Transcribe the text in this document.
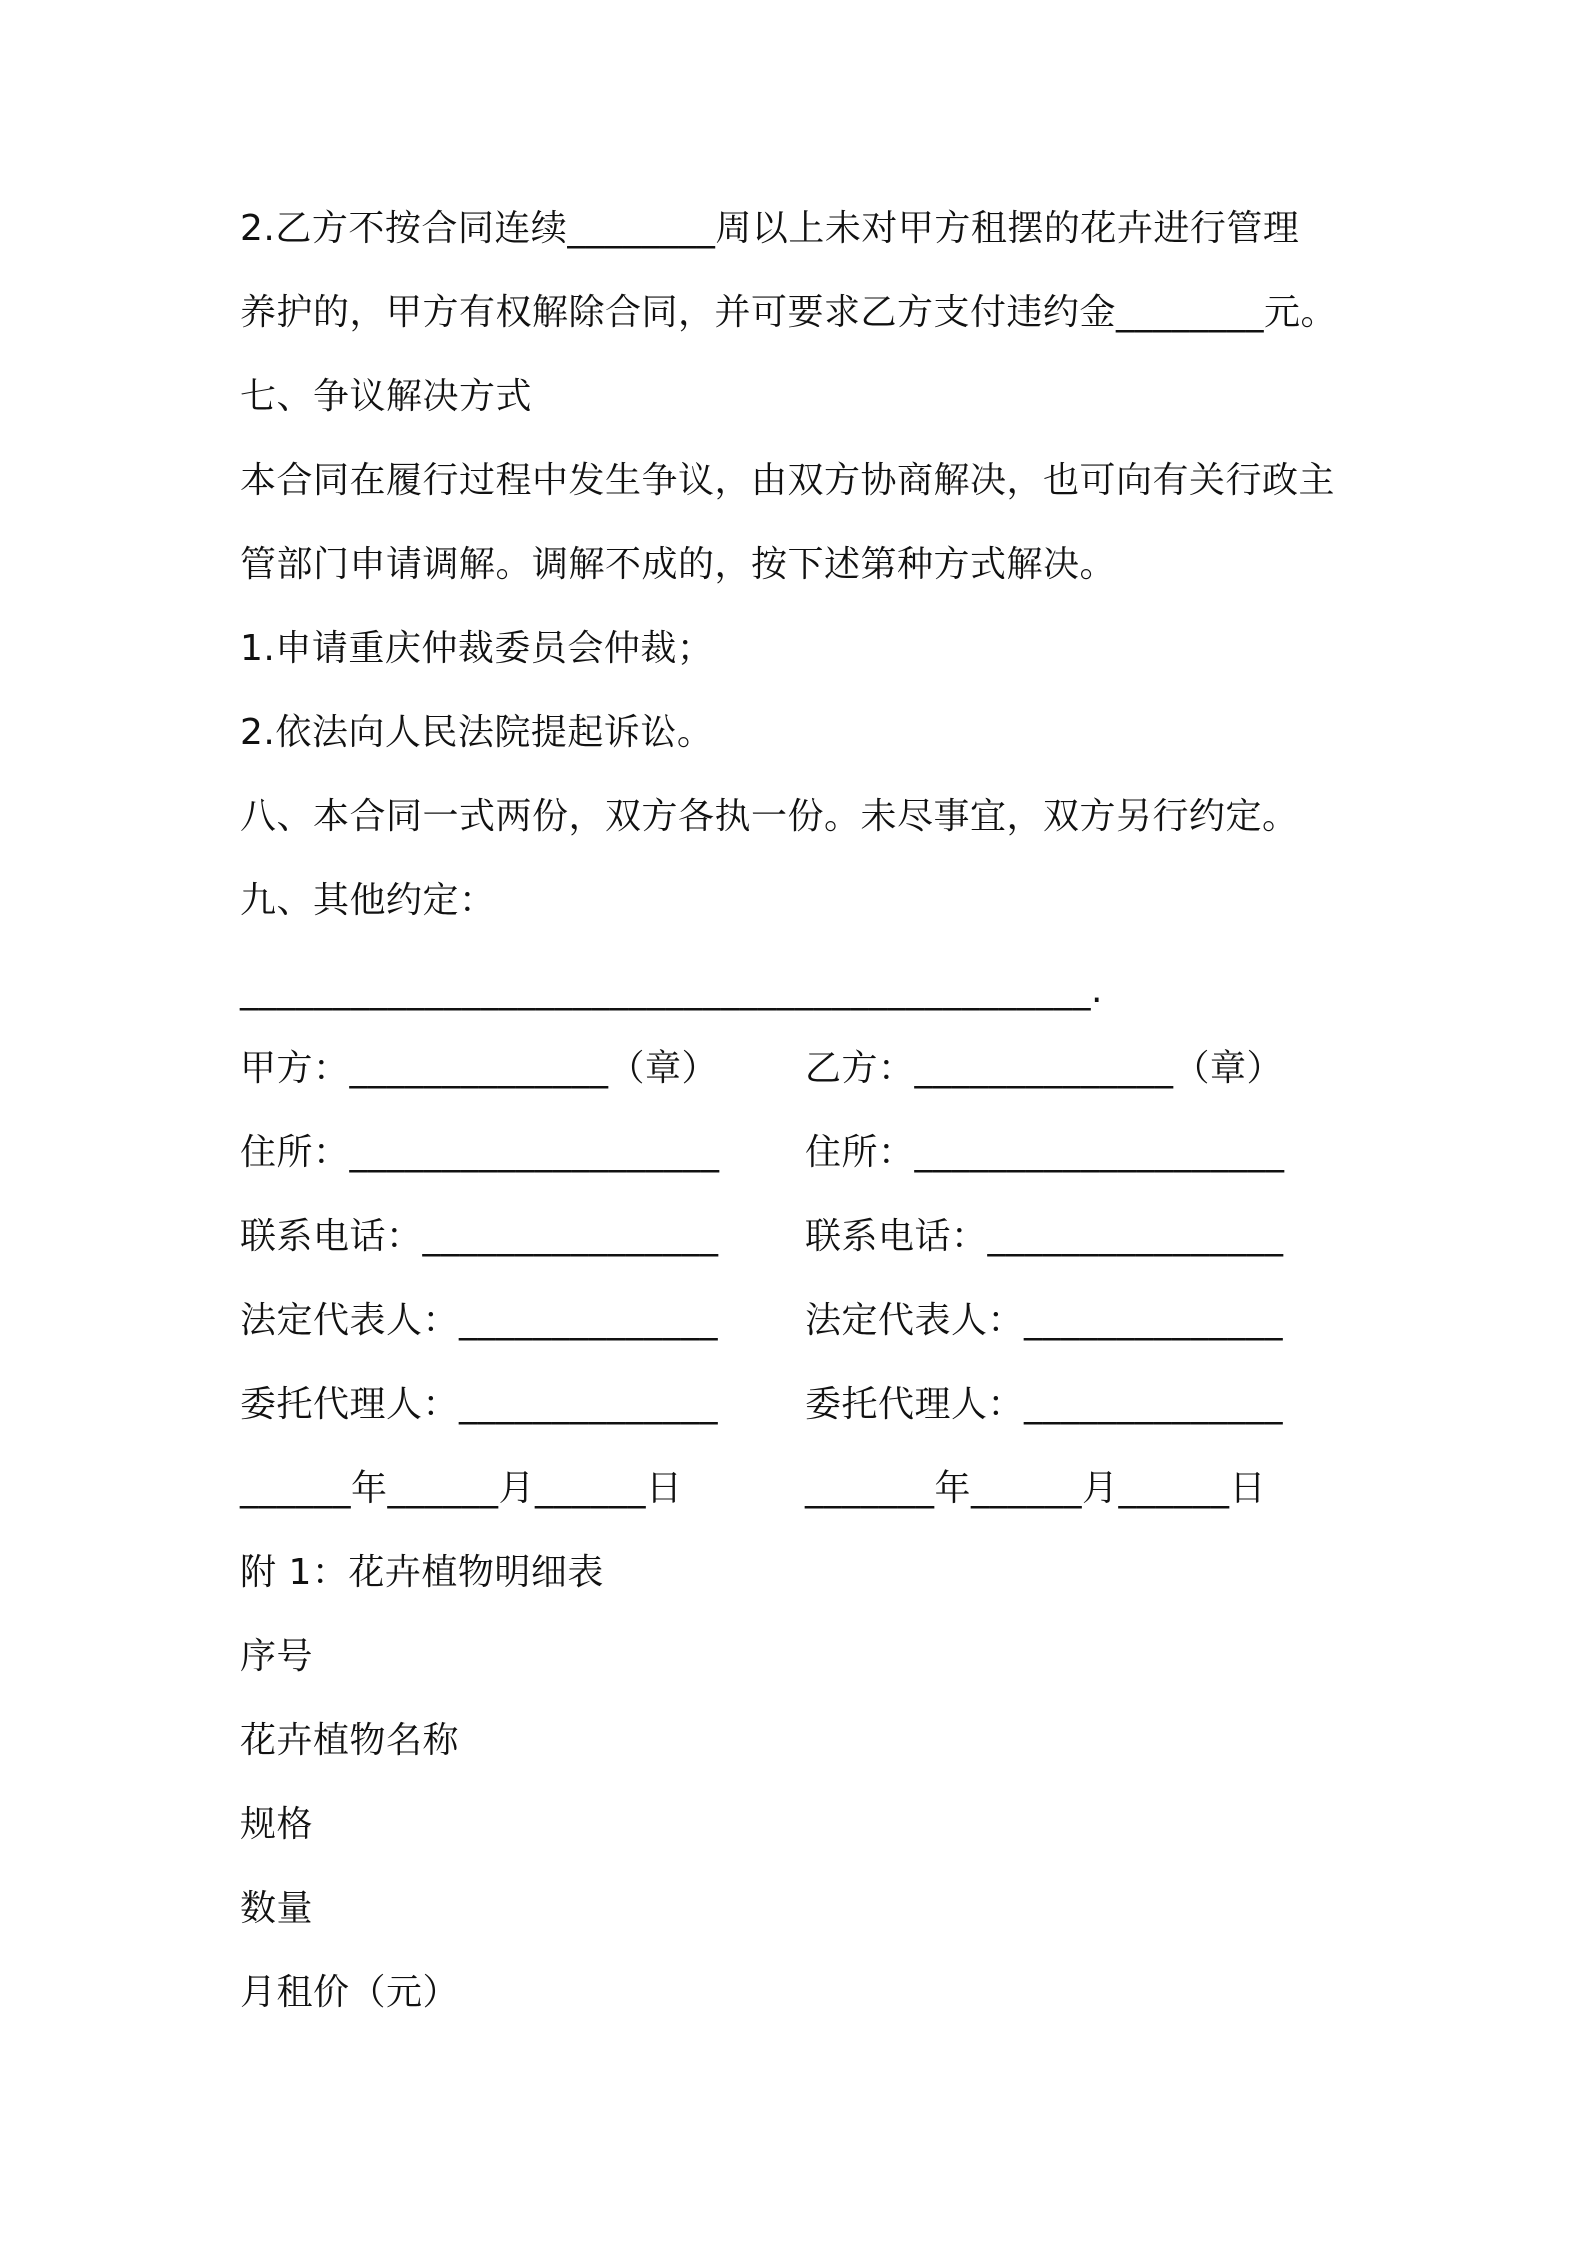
2.乙方不按合同连续________周以上未对甲方租摆的花卉进行管理
养护的，甲方有权解除合同，并可要求乙方支付违约金________元。
七、争议解决方式
本合同在履行过程中发生争议，由双方协商解决，也可向有关行政主
管部门申请调解。调解不成的，按下述第种方式解决。
1.申请重庆仲裁委员会仲裁；
2.依法向人民法院提起诉讼。
八、本合同一式两份，双方各执一份。未尽事宜，双方另行约定。
九、其他约定：
______________________________________________.
甲方：______________（章） 乙方：______________（章）
住所：____________________ 住所：____________________
联系电话：________________ 联系电话：________________
法定代表人：______________ 法定代表人：______________
委托代理人：______________ 委托代理人：______________
______年______月______日	_______年______月______日
附 1：花卉植物明细表
序号
花卉植物名称
规格
数量
月租价（元）
